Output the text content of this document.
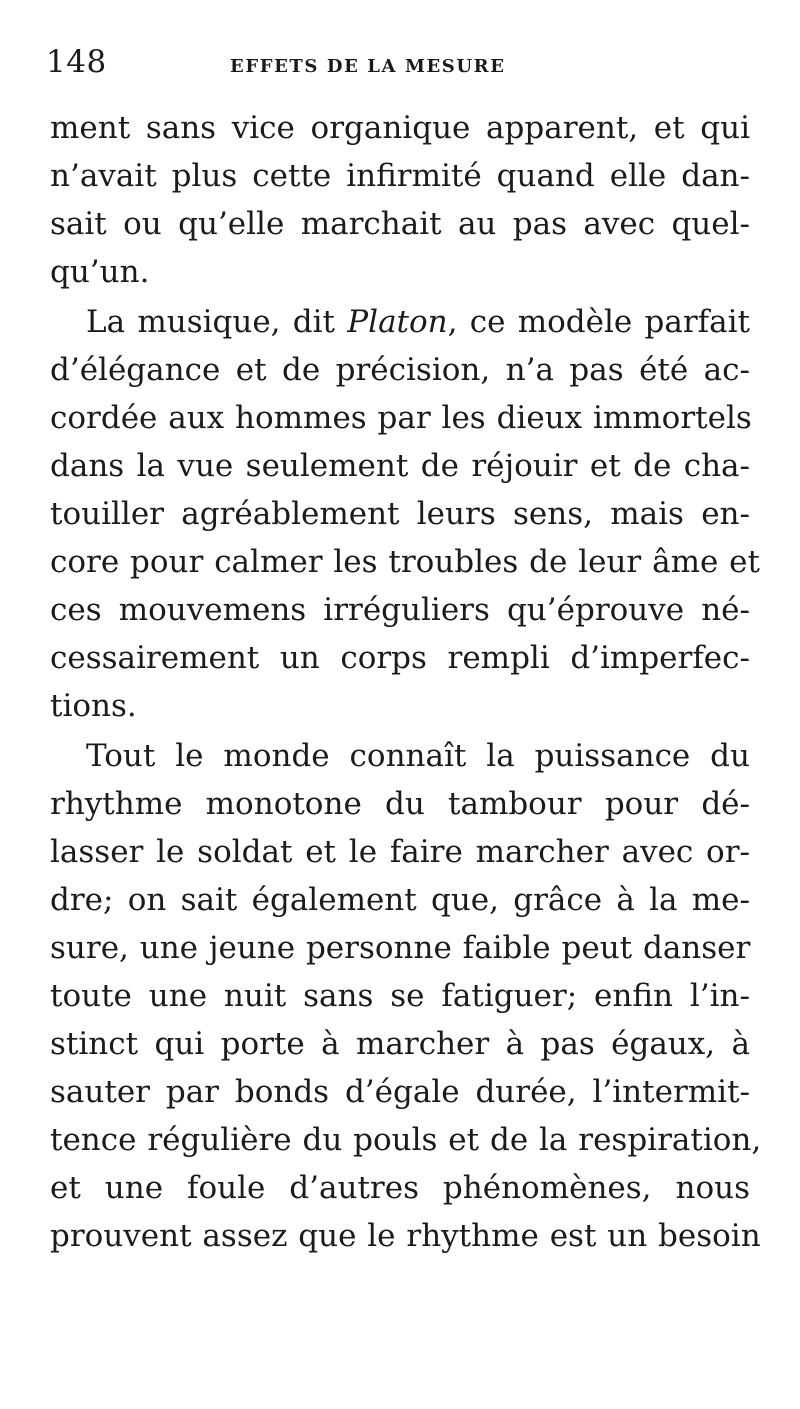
148	EFFETS DE LA MESURE
ment sans vice organique apparent, et qui
n’avait plus cette infirmité quand elle dan-
sait ou qu’elle marchait au pas avec quel-
qu’un.
La musique, dit Platon, ce modèle parfait
d’élégance et de précision, n’a pas été ac-
cordée aux hommes par les dieux immortels
dans la vue seulement de réjouir et de cha-
touiller agréablement leurs sens, mais en-
core pour calmer les troubles de leur âme et
ces mouvemens irréguliers qu’éprouve né-
cessairement un corps rempli d’imperfec-
tions.
Tout le monde connaît la puissance du
rhythme monotone du tambour pour dé-
lasser le soldat et le faire marcher avec or-
dre; on sait également que, grâce à la me-
sure, une jeune personne faible peut danser
toute une nuit sans se fatiguer; enfin l’in-
stinct qui porte à marcher à pas égaux, à
sauter par bonds d’égale durée, l’intermit-
tence régulière du pouls et de la respiration,
et une foule d’autres phénomènes, nous
prouvent assez que le rhythme est un besoin
